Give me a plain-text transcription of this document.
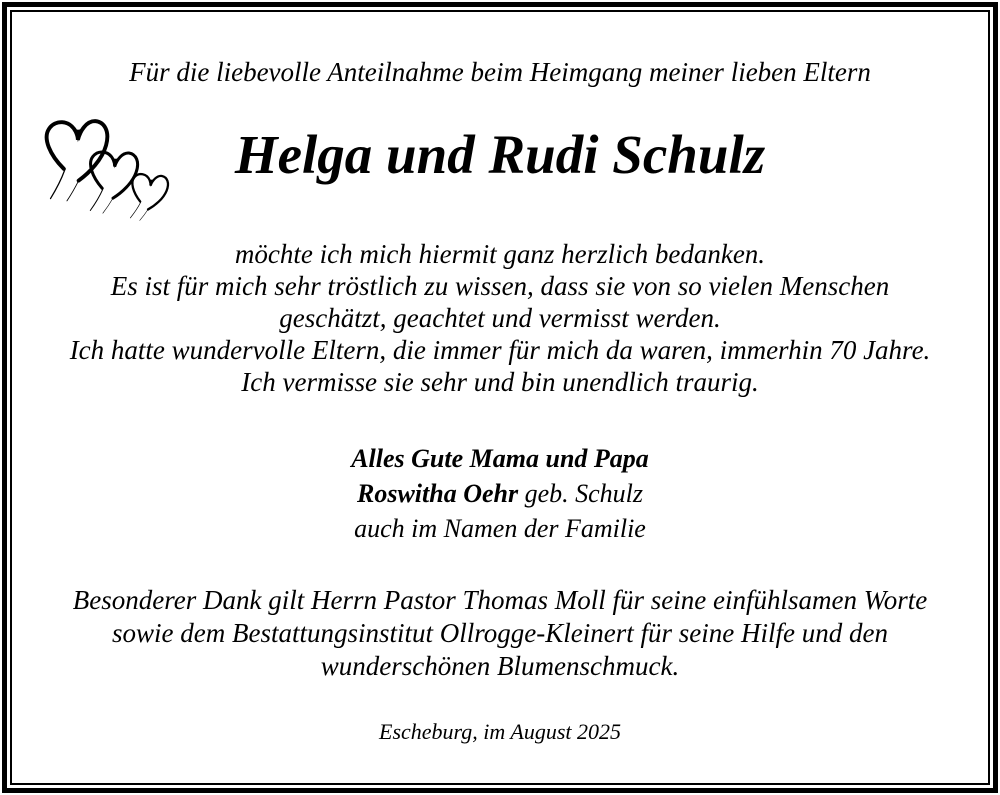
Für die liebevolle Anteilnahme beim Heimgang meiner lieben Eltern
Helga und Rudi Schulz
möchte ich mich hiermit ganz herzlich bedanken.
Es ist für mich sehr tröstlich zu wissen, dass sie von so vielen Menschen
geschätzt, geachtet und vermisst werden.
Ich hatte wundervolle Eltern, die immer für mich da waren, immerhin 70 Jahre.
Ich vermisse sie sehr und bin unendlich traurig.
Alles Gute Mama und Papa
Roswitha Oehr geb. Schulz
auch im Namen der Familie
Besonderer Dank gilt Herrn Pastor Thomas Moll für seine einfühlsamen Worte
sowie dem Bestattungsinstitut Ollrogge-Kleinert für seine Hilfe und den
wunderschönen Blumenschmuck.
Escheburg, im August 2025
